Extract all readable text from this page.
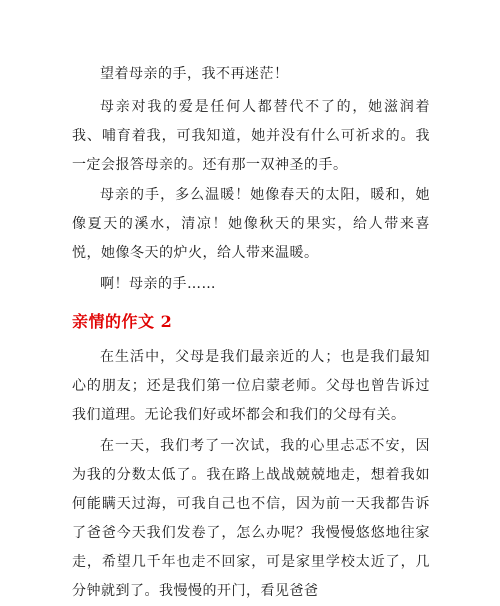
望着母亲的手，我不再迷茫！

母亲对我的爱是任何人都替代不了的，她滋润着我、哺育着我，可我知道，她并没有什么可祈求的。我一定会报答母亲的。还有那一双神圣的手。

母亲的手，多么温暖！她像春天的太阳，暖和，她像夏天的溪水，清凉！她像秋天的果实，给人带来喜悦，她像冬天的炉火，给人带来温暖。

啊！母亲的手……

亲情的作文 2

在生活中，父母是我们最亲近的人；也是我们最知心的朋友；还是我们第一位启蒙老师。父母也曾告诉过我们道理。无论我们好或坏都会和我们的父母有关。

在一天，我们考了一次试，我的心里忐忑不安，因为我的分数太低了。我在路上战战兢兢地走，想着我如何能瞒天过海，可我自己也不信，因为前一天我都告诉了爸爸今天我们发卷了，怎么办呢？我慢慢悠悠地往家走，希望几千年也走不回家，可是家里学校太近了，几分钟就到了。我慢慢的开门，看见爸爸
